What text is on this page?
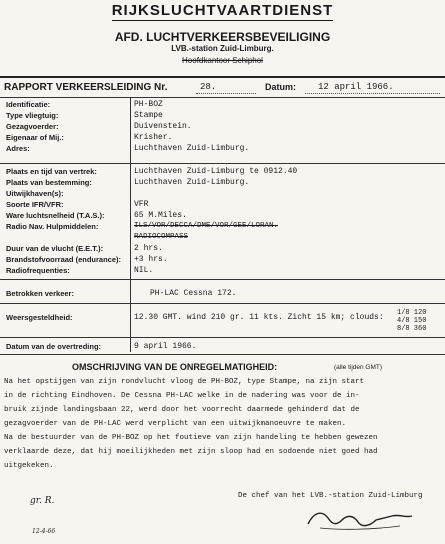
RIJKSLUCHTVAARTDIENST
AFD. LUCHTVERKEERSBEVEILIGING
LVB.-station Zuid-Limburg.
Hoofdkantoor Schiphol
RAPPORT VERKEERSLEIDING Nr.	28.	Datum: 12 april 1966.
Identificatie:	PH-BOZ
Type vliegtuig:	Stampe
Gezagvoerder:	Duivenstein.
Eigenaar of Mij.:	Krisher.
Adres:	Luchthaven Zuid-Limburg.
Plaats en tijd van vertrek:	Luchthaven Zuid-Limburg te 0912.40
Plaats van bestemming:	Luchthaven Zuid-Limburg.
Uitwijkhaven(s):
Soorte IFR/VFR:	VFR
Ware luchtsnelheid (T.A.S.):	65 M.Miles.
Radio Nav. Hulpmiddelen:	ILS/VOR/DECCA/DME/VOR/GEE/LORAN.
RADIOCOMPASS
Duur van de vlucht (E.E.T.):	2 hrs.
Brandstofvoorraad (endurance): +3 hrs.
Radiofrequenties:	NIL.
Betrokken verkeer:	PH-LAC Cessna 172.
Weersgesteldheid:	12.30 GMT. wind 210 gr. 11 kts. Zicht 15 km; clouds: 1/8 120
4/8 150
8/8 360
Datum van de overtreding:	9 april 1966.
OMSCHRIJVING VAN DE ONREGELMATIGHEID:	(alle tijden GMT)
Na het opstijgen van zijn rondvlucht vloog de PH-BOZ, type Stampe, na zijn start
in de richting Eindhoven. De Cessna PH-LAC welke in de nadering was voor de in-
bruik zijnde landingsbaan 22, werd door het voorrecht daarmede gehinderd dat de
gezagvoerder van de PH-LAC werd verplicht van een uitwijkmanoeuvre te maken.
Na de bestuurder van de PH-BOZ op het foutieve van zijn handeling te hebben gewezen
verklaarde deze, dat hij moeilijkheden met zijn sloop had en sodoende niet goed had
uitgekeken.
gr. R.
12-4-66
De chef van het LVB.-station Zuid-Limburg
